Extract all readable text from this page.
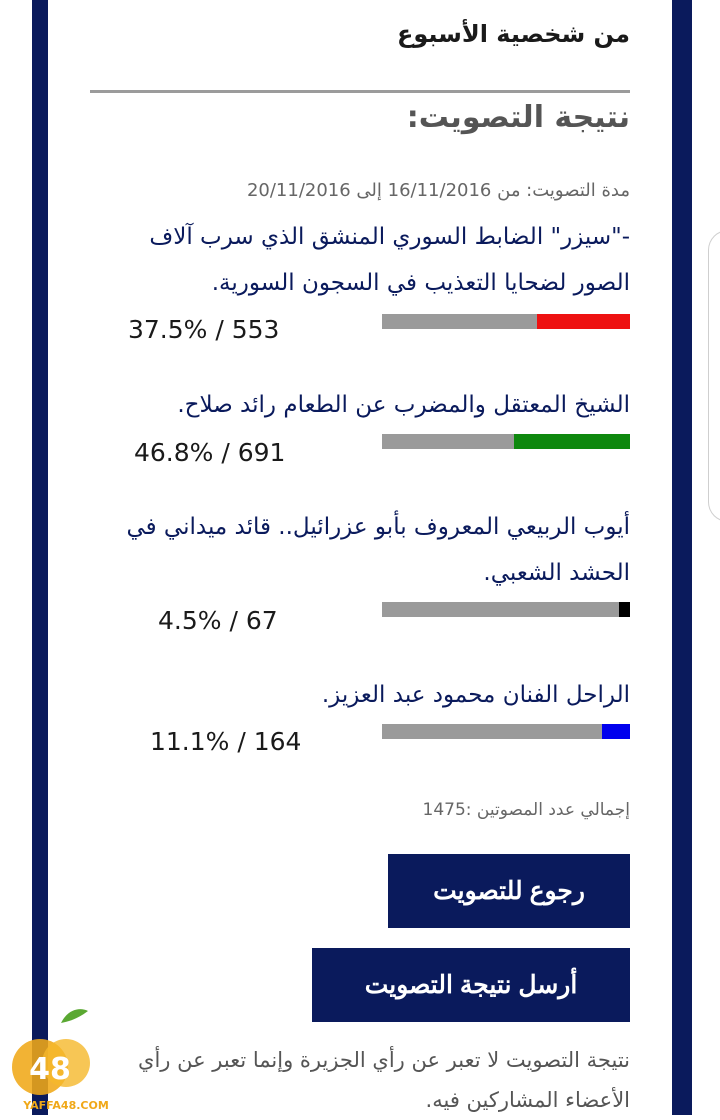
من شخصية الأسبوع
نتيجة التصويت:
مدة التصويت: من 16/11/2016 إلى 20/11/2016
-"سيزر" الضابط السوري المنشق الذي سرب آلاف الصور لضحايا التعذيب في السجون السورية.
37.5% / 553
الشيخ المعتقل والمضرب عن الطعام رائد صلاح.
46.8% / 691
أيوب الربيعي المعروف بأبو عزرائيل.. قائد ميداني في الحشد الشعبي.
4.5% / 67
الراحل الفنان محمود عبد العزيز.
11.1% / 164
إجمالي عدد المصوتين :1475
رجوع للتصويت
أرسل نتيجة التصويت
نتيجة التصويت لا تعبر عن رأي الجزيرة وإنما تعبر عن رأي الأعضاء المشاركين فيه.
48
YAFFA48.COM
